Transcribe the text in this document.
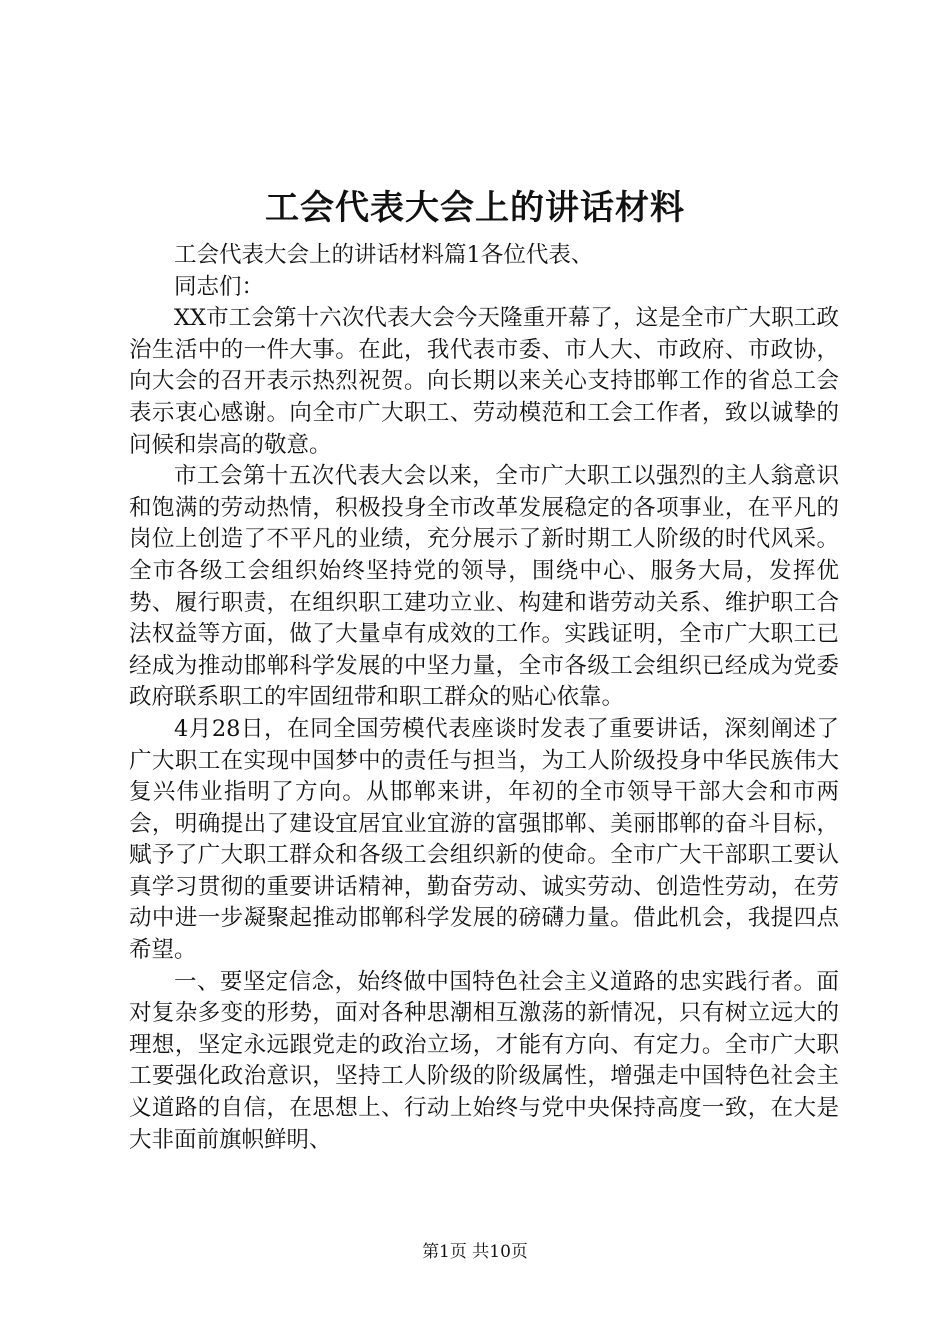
工会代表大会上的讲话材料

工会代表大会上的讲话材料篇1各位代表、

同志们：

XX市工会第十六次代表大会今天隆重开幕了，这是全市广大职工政治生活中的一件大事。在此，我代表市委、市人大、市政府、市政协，向大会的召开表示热烈祝贺。向长期以来关心支持邯郸工作的省总工会表示衷心感谢。向全市广大职工、劳动模范和工会工作者，致以诚挚的问候和崇高的敬意。

市工会第十五次代表大会以来，全市广大职工以强烈的主人翁意识和饱满的劳动热情，积极投身全市改革发展稳定的各项事业，在平凡的岗位上创造了不平凡的业绩，充分展示了新时期工人阶级的时代风采。全市各级工会组织始终坚持党的领导，围绕中心、服务大局，发挥优势、履行职责，在组织职工建功立业、构建和谐劳动关系、维护职工合法权益等方面，做了大量卓有成效的工作。实践证明，全市广大职工已经成为推动邯郸科学发展的中坚力量，全市各级工会组织已经成为党委政府联系职工的牢固纽带和职工群众的贴心依靠。

4月28日，在同全国劳模代表座谈时发表了重要讲话，深刻阐述了广大职工在实现中国梦中的责任与担当，为工人阶级投身中华民族伟大复兴伟业指明了方向。从邯郸来讲，年初的全市领导干部大会和市两会，明确提出了建设宜居宜业宜游的富强邯郸、美丽邯郸的奋斗目标，赋予了广大职工群众和各级工会组织新的使命。全市广大干部职工要认真学习贯彻的重要讲话精神，勤奋劳动、诚实劳动、创造性劳动，在劳动中进一步凝聚起推动邯郸科学发展的磅礴力量。借此机会，我提四点希望。

一、要坚定信念，始终做中国特色社会主义道路的忠实践行者。面对复杂多变的形势，面对各种思潮相互激荡的新情况，只有树立远大的理想，坚定永远跟党走的政治立场，才能有方向、有定力。全市广大职工要强化政治意识，坚持工人阶级的阶级属性，增强走中国特色社会主义道路的自信，在思想上、行动上始终与党中央保持高度一致，在大是大非面前旗帜鲜明、

第1页 共10页
